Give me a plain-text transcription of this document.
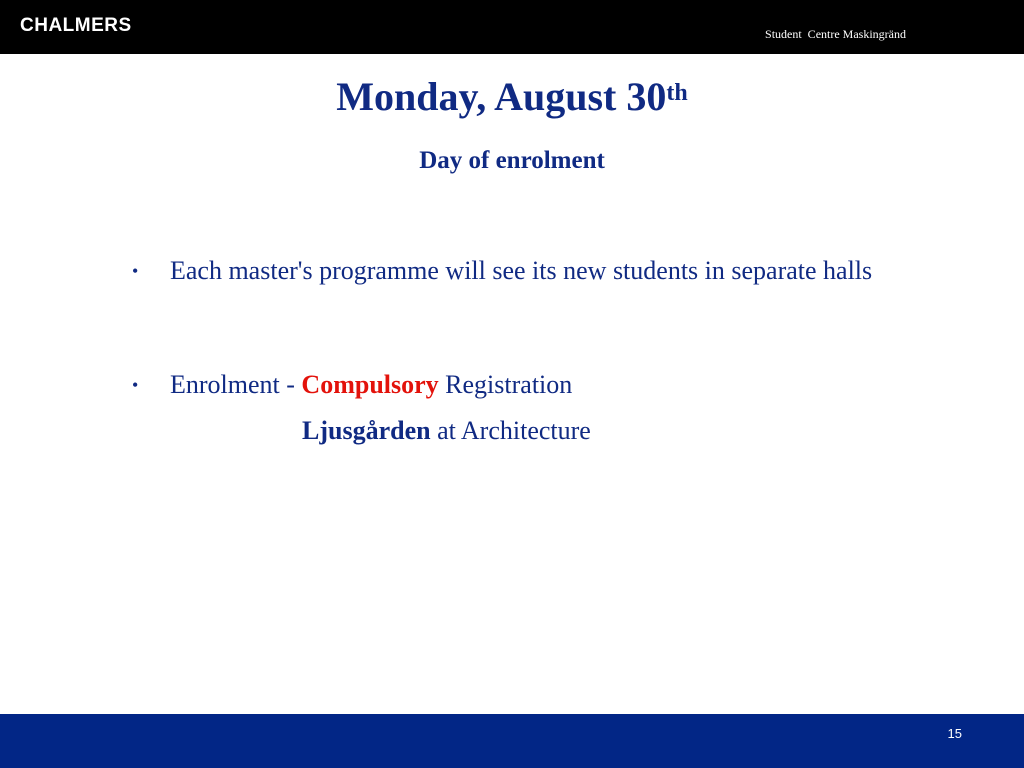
CHALMERS	Student  Centre Maskingränd
Monday, August 30th
Day of enrolment
• Each master's programme will see its new students in separate halls
• Enrolment - Compulsory Registration
Ljusgården at Architecture
15
